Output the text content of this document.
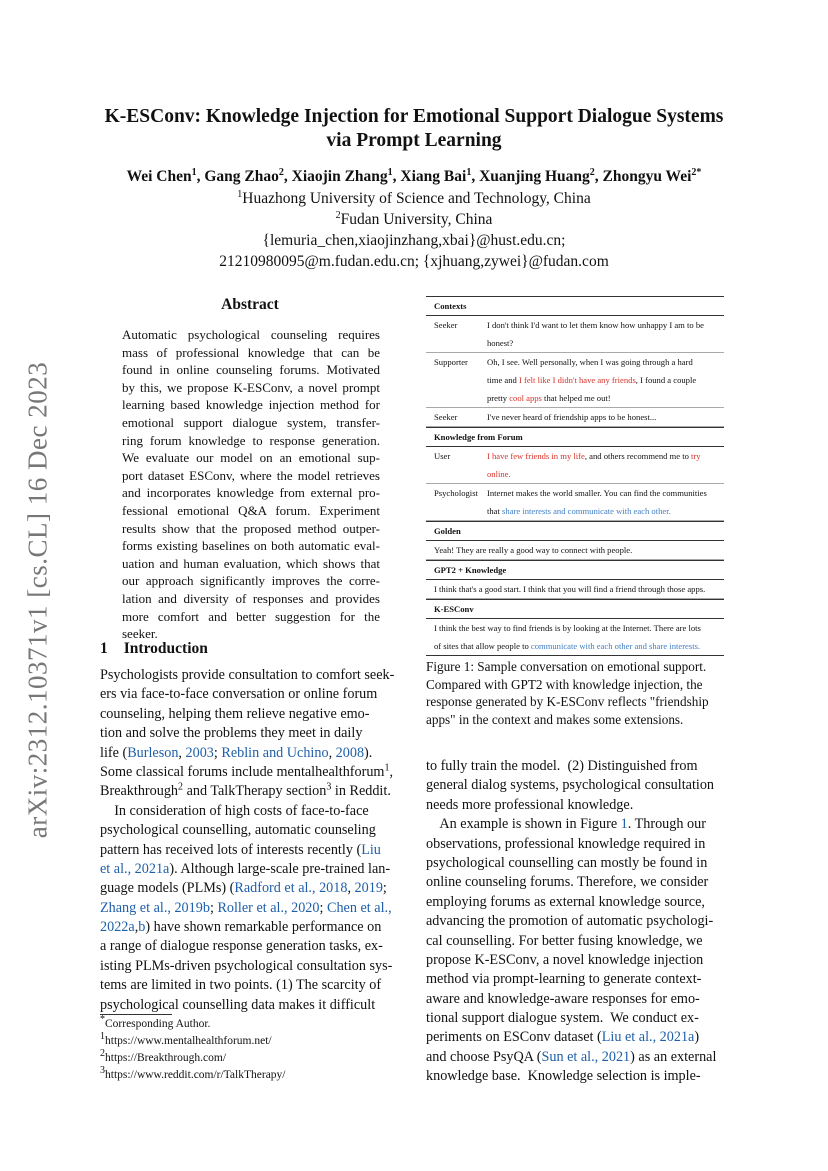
arXiv:2312.10371v1 [cs.CL] 16 Dec 2023
K-ESConv: Knowledge Injection for Emotional Support Dialogue Systems
via Prompt Learning
Wei Chen$^1$, Gang Zhao$^2$, Xiaojin Zhang$^1$, Xiang Bai$^1$, Xuanjing Huang$^2$, Zhongyu Wei$^{2*}$
$^1$Huazhong University of Science and Technology, China
$^2$Fudan University, China
{lemuria_chen,xiaojinzhang,xbai}@hust.edu.cn;
21210980095@m.fudan.edu.cn; {xjhuang,zywei}@fudan.com
Abstract
Automatic psychological counseling requires
mass of professional knowledge that can be
found in online counseling forums. Motivated
by this, we propose K-ESConv, a novel prompt
learning based knowledge injection method for
emotional support dialogue system, transfer-
ring forum knowledge to response generation.
We evaluate our model on an emotional sup-
port dataset ESConv, where the model retrieves
and incorporates knowledge from external pro-
fessional emotional Q&A forum. Experiment
results show that the proposed method outper-
forms existing baselines on both automatic eval-
uation and human evaluation, which shows that
our approach significantly improves the corre-
lation and diversity of responses and provides
more comfort and better suggestion for the
seeker.
1 Introduction
Psychologists provide consultation to comfort seek-
ers via face-to-face conversation or online forum
counseling, helping them relieve negative emo-
tion and solve the problems they meet in daily
life (Burleson, 2003; Reblin and Uchino, 2008).
Some classical forums include mentalhealthforum$^1$,
Breakthrough$^2$ and TalkTherapy section$^3$ in Reddit.
In consideration of high costs of face-to-face
psychological counselling, automatic counseling
pattern has received lots of interests recently (Liu
et al., 2021a). Although large-scale pre-trained lan-
guage models (PLMs) (Radford et al., 2018, 2019;
Zhang et al., 2019b; Roller et al., 2020; Chen et al.,
2022a,b) have shown remarkable performance on
a range of dialogue response generation tasks, ex-
isting PLMs-driven psychological consultation sys-
tems are limited in two points. (1) The scarcity of
psychological counselling data makes it difficult
*Corresponding Author.
$^1$https://www.mentalhealthforum.net/
$^2$https://Breakthrough.com/
$^3$https://www.reddit.com/r/TalkTherapy/
Contexts
Seeker	I don't think I'd want to let them know how unhappy I am to be
honest?
Supporter Oh, I see. Well personally, when I was going through a hard
time and I felt like I didn't have any friends, I found a couple
pretty cool apps that helped me out!
Seeker	I've never heard of friendship apps to be honest...
Knowledge from Forum
User	I have few friends in my life, and others recommend me to try
online.
Psychologist Internet makes the world smaller. You can find the communities
that share interests and communicate with each other.
Golden
Yeah! They are really a good way to connect with people.
GPT2 + Knowledge
I think that's a good start. I think that you will find a friend through those apps.
K-ESConv
I think the best way to find friends is by looking at the Internet. There are lots
of sites that allow people to communicate with each other and share interests.
Figure 1: Sample conversation on emotional support.
Compared with GPT2 with knowledge injection, the
response generated by K-ESConv reflects "friendship
apps" in the context and makes some extensions.
to fully train the model.  (2) Distinguished from
general dialog systems, psychological consultation
needs more professional knowledge.
An example is shown in Figure 1. Through our
observations, professional knowledge required in
psychological counselling can mostly be found in
online counseling forums. Therefore, we consider
employing forums as external knowledge source,
advancing the promotion of automatic psychologi-
cal counselling. For better fusing knowledge, we
propose K-ESConv, a novel knowledge injection
method via prompt-learning to generate context-
aware and knowledge-aware responses for emo-
tional support dialogue system.  We conduct ex-
periments on ESConv dataset (Liu et al., 2021a)
and choose PsyQA (Sun et al., 2021) as an external
knowledge base.  Knowledge selection is imple-
